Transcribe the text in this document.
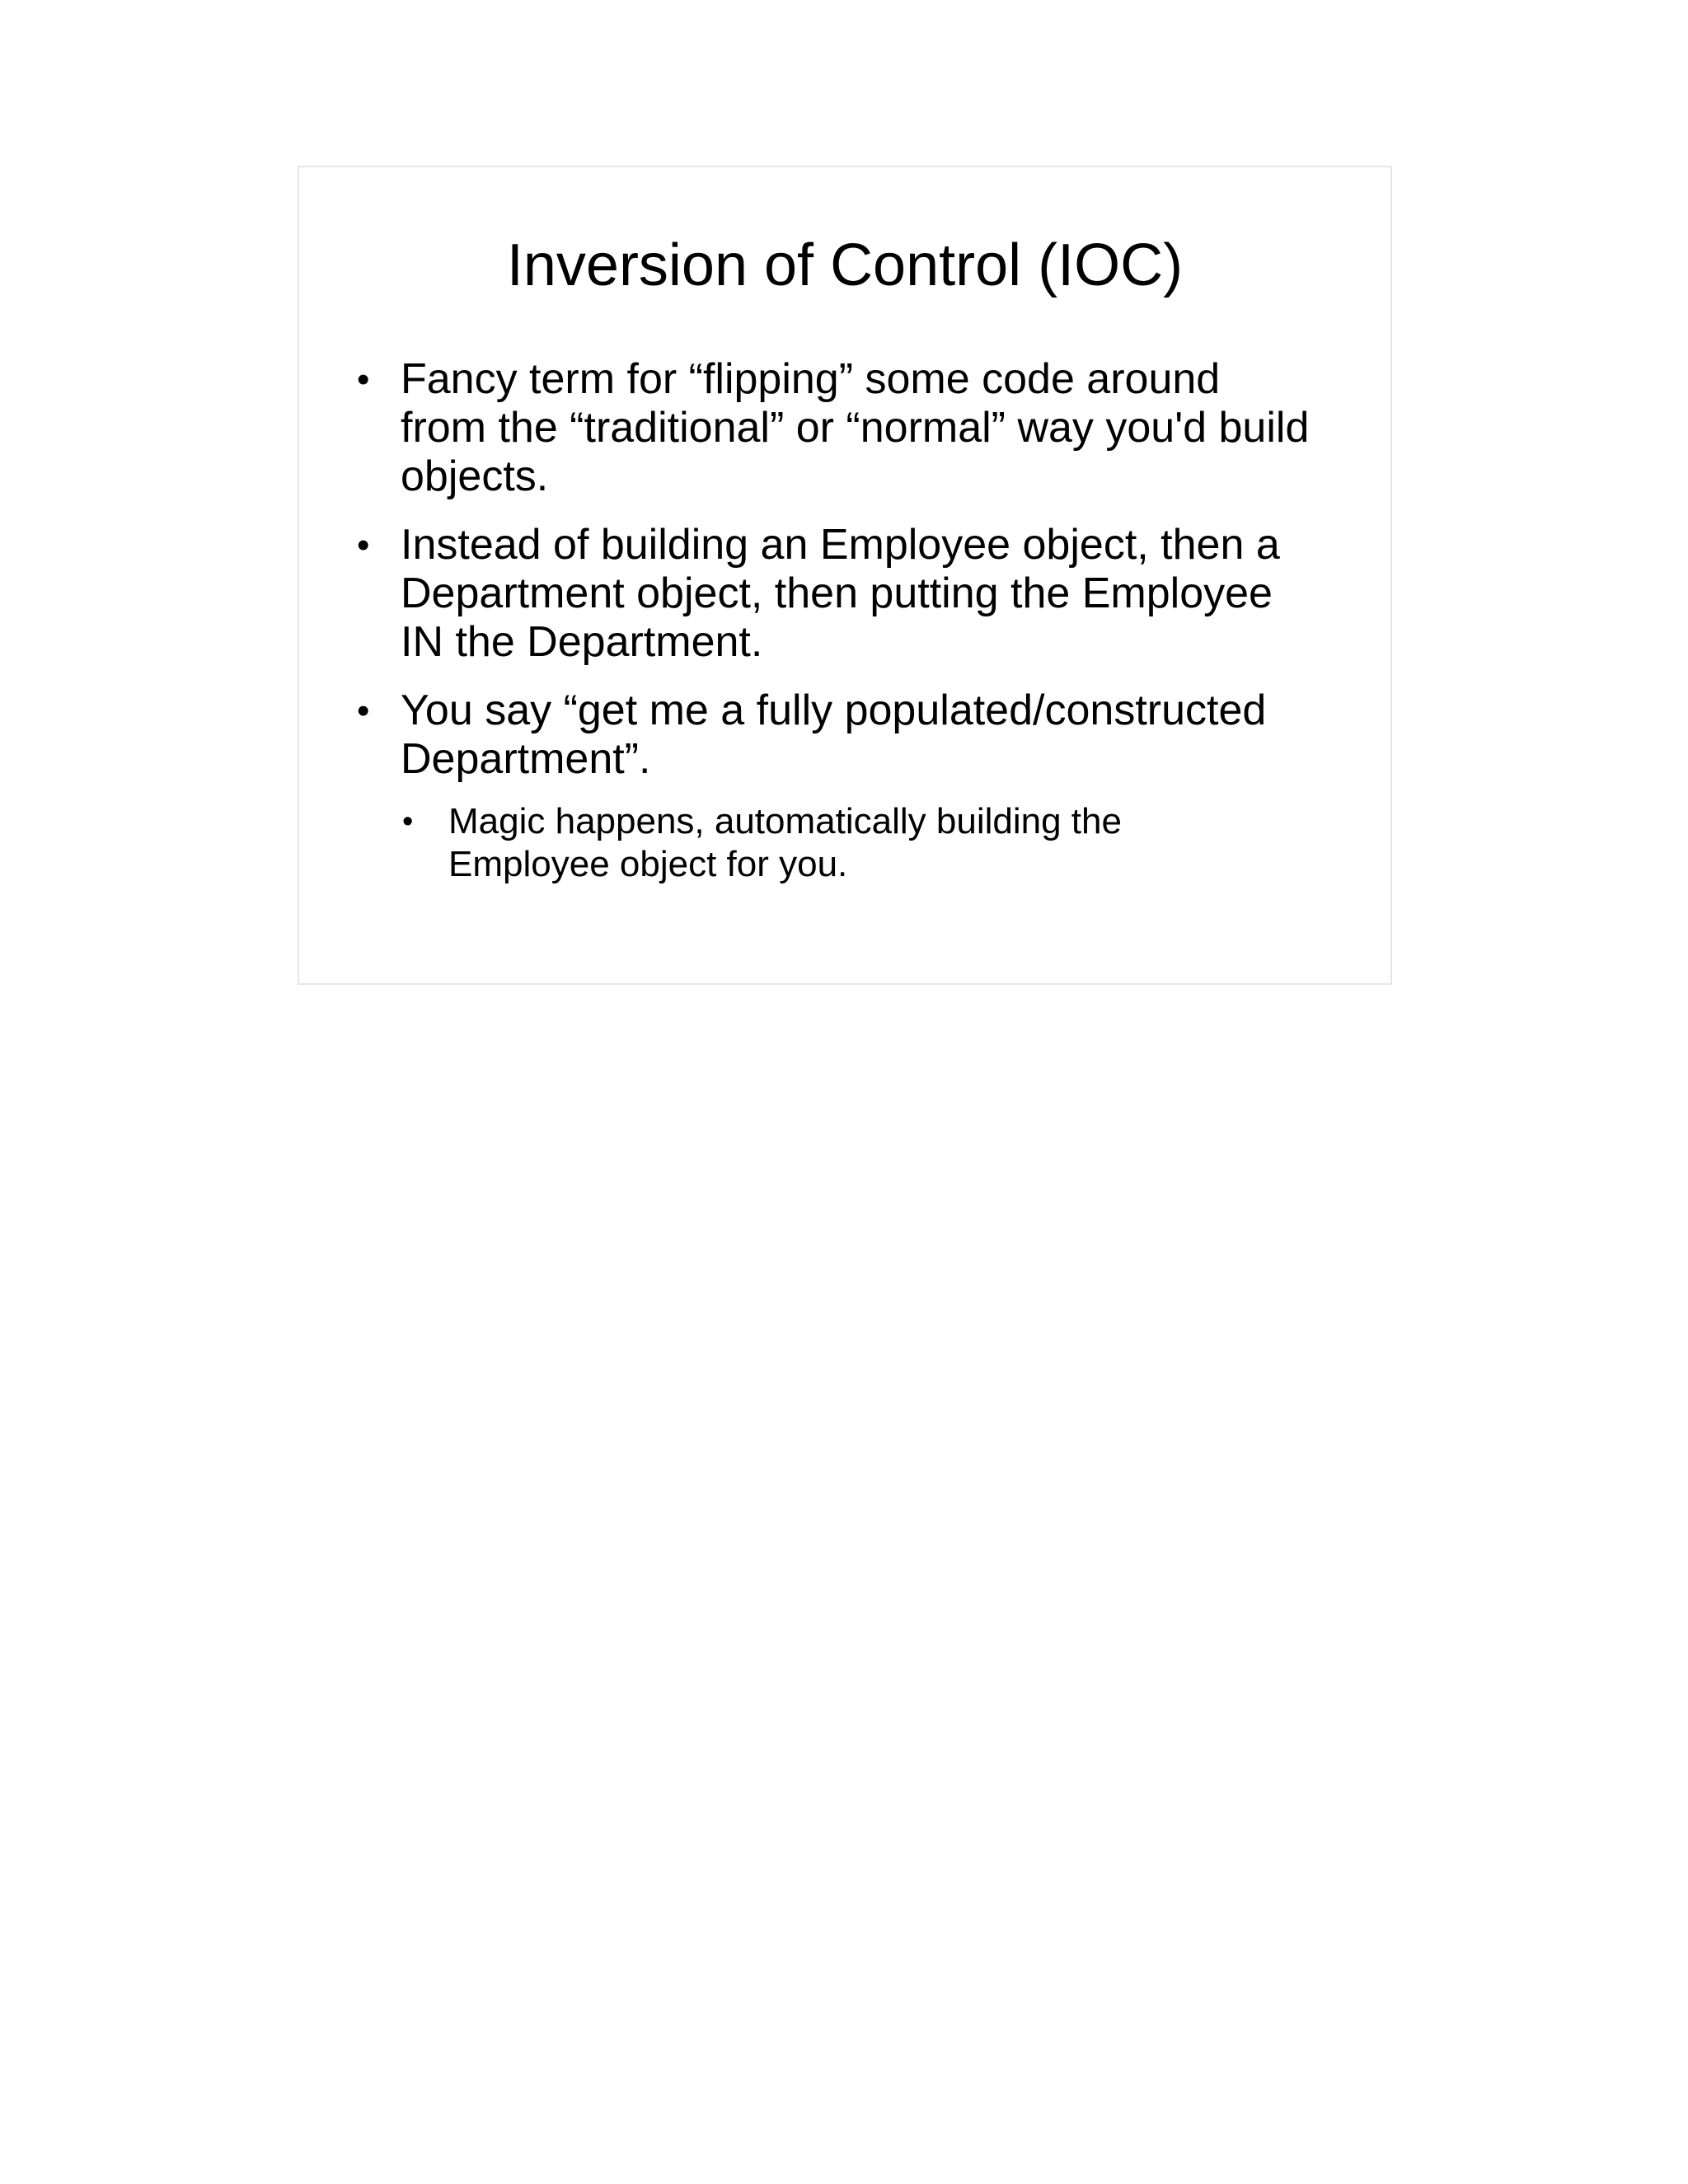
Inversion of Control (IOC)
• Fancy term for “flipping” some code around
from the “traditional” or “normal” way you'd build
objects.
• Instead of building an Employee object, then a
Department object, then putting the Employee
IN the Department.
• You say “get me a fully populated/constructed
Department”.
• Magic happens, automatically building the
Employee object for you.
